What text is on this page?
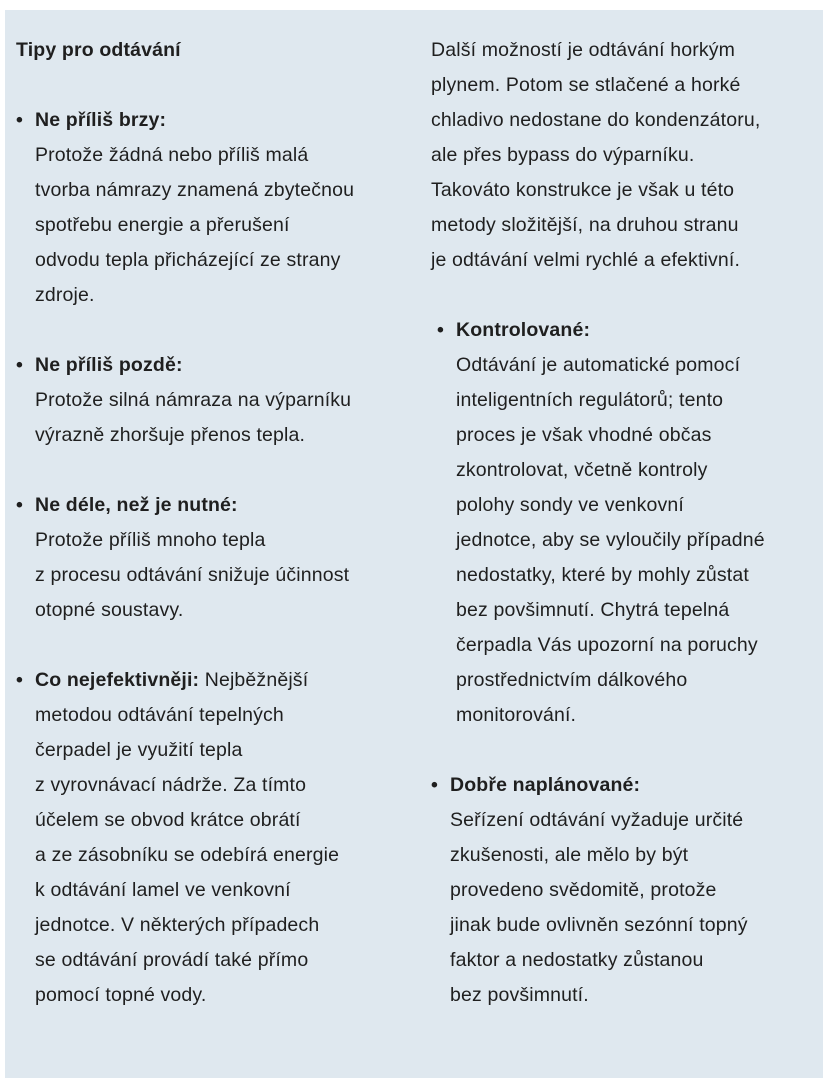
Tipy pro odtávání
• Ne příliš brzy:
Protože žádná nebo příliš malá
tvorba námrazy znamená zbytečnou
spotřebu energie a přerušení
odvodu tepla přicházející ze strany
zdroje.
• Ne příliš pozdě:
Protože silná námraza na výparníku
výrazně zhoršuje přenos tepla.
• Ne déle, než je nutné:
Protože příliš mnoho tepla
z procesu odtávání snižuje účinnost
otopné soustavy.
• Co nejefektivněji: Nejběžnější
metodou odtávání tepelných
čerpadel je využití tepla
z vyrovnávací nádrže. Za tímto
účelem se obvod krátce obrátí
a ze zásobníku se odebírá energie
k odtávání lamel ve venkovní
jednotce. V některých případech
se odtávání provádí také přímo
pomocí topné vody.
Další možností je odtávání horkým
plynem. Potom se stlačené a horké
chladivo nedostane do kondenzátoru,
ale přes bypass do výparníku.
Takováto konstrukce je však u této
metody složitější, na druhou stranu
je odtávání velmi rychlé a efektivní.
• Kontrolované:
Odtávání je automatické pomocí
inteligentních regulátorů; tento
proces je však vhodné občas
zkontrolovat, včetně kontroly
polohy sondy ve venkovní
jednotce, aby se vyloučily případné
nedostatky, které by mohly zůstat
bez povšimnutí. Chytrá tepelná
čerpadla Vás upozorní na poruchy
prostřednictvím dálkového
monitorování.
• Dobře naplánované:
Seřízení odtávání vyžaduje určité
zkušenosti, ale mělo by být
provedeno svědomitě, protože
jinak bude ovlivněn sezónní topný
faktor a nedostatky zůstanou
bez povšimnutí.
